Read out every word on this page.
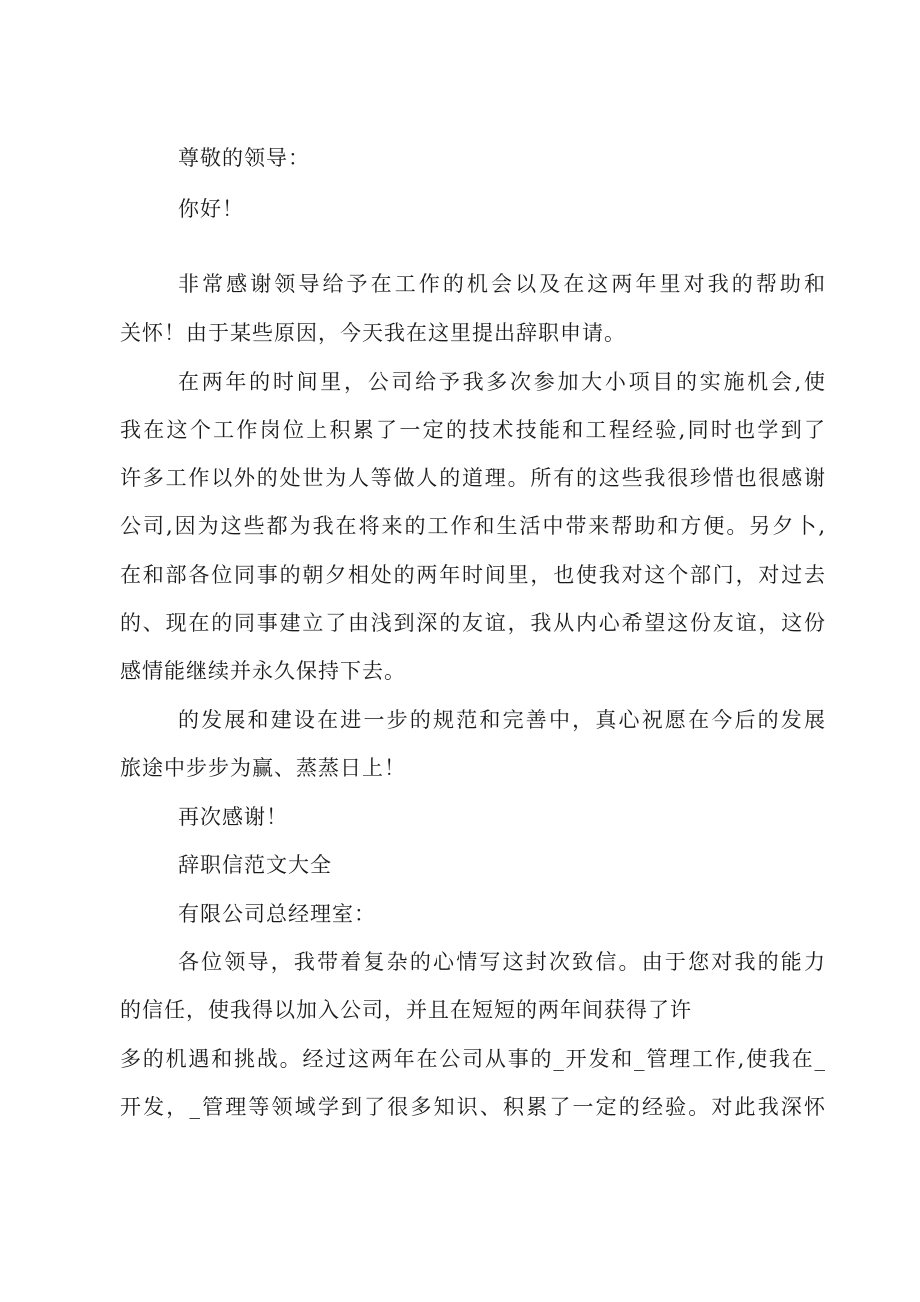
尊敬的领导：
你好！
非常感谢领导给予在工作的机会以及在这两年里对我的帮助和
关怀！由于某些原因，今天我在这里提出辞职申请。
在两年的时间里，公司给予我多次参加大小项目的实施机会,使
我在这个工作岗位上积累了一定的技术技能和工程经验,同时也学到了
许多工作以外的处世为人等做人的道理。所有的这些我很珍惜也很感谢
公司,因为这些都为我在将来的工作和生活中带来帮助和方便。另夕卜,
在和部各位同事的朝夕相处的两年时间里，也使我对这个部门，对过去
的、现在的同事建立了由浅到深的友谊，我从内心希望这份友谊，这份
感情能继续并永久保持下去。
的发展和建设在进一步的规范和完善中，真心祝愿在今后的发展
旅途中步步为赢、蒸蒸日上！
再次感谢！
辞职信范文大全
有限公司总经理室：
各位领导，我带着复杂的心情写这封次致信。由于您对我的能力
的信任，使我得以加入公司，并且在短短的两年间获得了许
多的机遇和挑战。经过这两年在公司从事的_开发和_管理工作,使我在_
开发，_管理等领域学到了很多知识、积累了一定的经验。对此我深怀
